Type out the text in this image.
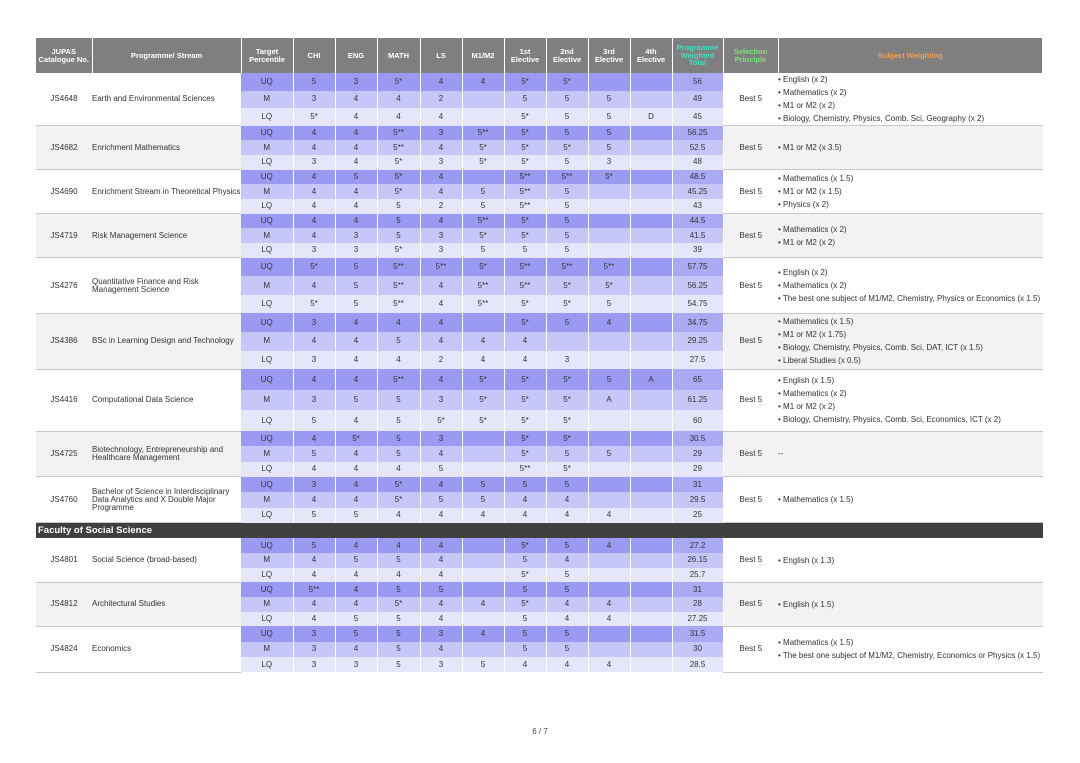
JUPAS Catalogue No.	Programme/ Stream	Target Percentile	CHI	ENG	MATH	LS	M1/M2	1st Elective	2nd Elective	3rd Elective	4th Elective	Programme Weighted Total	Selection Principle	Subject Weighting
JS4648	Earth and Environmental Sciences	UQ	5	3	5*	4	4	5*	5*			56	Best 5	• English (x 2)
• Mathematics (x 2)
• M1 or M2 (x 2)
• Biology, Chemistry, Physics, Comb. Sci, Geography (x 2)

		M	3	4	4	2		5	5	5		49		
		LQ	5*	4	4	4		5*	5	5	D	45		
JS4682	Enrichment Mathematics	UQ	4	4	5**	3	5**	5*	5	5		56.25	Best 5	• M1 or M2 (x 3.5)

		M	4	4	5**	4	5*	5*	5*	5		52.5		
		LQ	3	4	5*	3	5*	5*	5	3		48		
JS4690	Enrichment Stream in Theoretical Physics	UQ	4	5	5*	4		5**	5**	5*		48.5	Best 5	• Mathematics (x 1.5)
• M1 or M2 (x 1.5)
• Physics (x 2)

		M	4	4	5*	4	5	5**	5			45.25		
		LQ	4	4	5	2	5	5**	5			43		
JS4719	Risk Management Science	UQ	4	4	5	4	5**	5*	5			44.5	Best 5	• Mathematics (x 2)
• M1 or M2 (x 2)

		M	4	3	5	3	5*	5*	5			41.5		
		LQ	3	3	5*	3	5	5	5			39		
JS4276	Quantitative Finance and Risk Management Science	UQ	5*	5	5**	5**	5*	5**	5**	5**		57.75	Best 5	• English (x 2)
• Mathematics (x 2)
• The best one subject of M1/M2, Chemistry, Physics or Economics (x 1.5)

		M	4	5	5**	4	5**	5**	5*	5*		56.25		
		LQ	5*	5	5**	4	5**	5*	5*	5		54.75		
JS4386	BSc in Learning Design and Technology	UQ	3	4	4	4		5*	5	4		34.75	Best 5	• Mathematics (x 1.5)
• M1 or M2 (x 1.75)
• Biology, Chemistry, Physics, Comb. Sci, DAT, ICT (x 1.5)
• Liberal Studies (x 0.5)

		M	4	4	5	4	4	4				29.25		
		LQ	3	4	4	2	4	4	3			27.5		
JS4416	Computational Data Science	UQ	4	4	5**	4	5*	5*	5*	5	A	65	Best 5	• English (x 1.5)
• Mathematics (x 2)
• M1 or M2 (x 2)
• Biology, Chemistry, Physics, Comb. Sci, Economics, ICT (x 2)

		M	3	5	5	3	5*	5*	5*	A		61.25		
		LQ	5	4	5	5*	5*	5*	5*			60		
JS4725	Biotechnology, Entrepreneurship and Healthcare Management	UQ	4	5*	5	3		5*	5*			30.5	Best 5	--

		M	5	4	5	4		5*	5	5		29		
		LQ	4	4	4	5		5**	5*			29		
JS4760	Bachelor of Science in Interdisciplinary Data Analytics and X Double Major Programme	UQ	3	4	5*	4	5	5	5			31	Best 5	• Mathematics (x 1.5)

		M	4	4	5*	5	5	4	4			29.5		
		LQ	5	5	4	4	4	4	4	4		25		
Faculty of Social Science														
JS4801	Social Science (broad-based)	UQ	5	4	4	4		5*	5	4		27.2	Best 5	• English (x 1.3)

		M	4	5	5	4		5	4			26.15		
		LQ	4	4	4	4		5*	5			25.7		
JS4812	Architectural Studies	UQ	5**	4	5	5		5	5			31	Best 5	• English (x 1.5)

		M	4	4	5*	4	4	5*	4	4		28		
		LQ	4	5	5	4		5	4	4		27.25		
JS4824	Economics	UQ	3	5	5	3	4	5	5			31.5	Best 5	• Mathematics (x 1.5)
• The best one subject of M1/M2, Chemistry, Economics or Physics (x 1.5)

		M	3	4	5	4		5	5			30		
		LQ	3	3	5	3	5	4	4	4		28.5		
6 / 7
